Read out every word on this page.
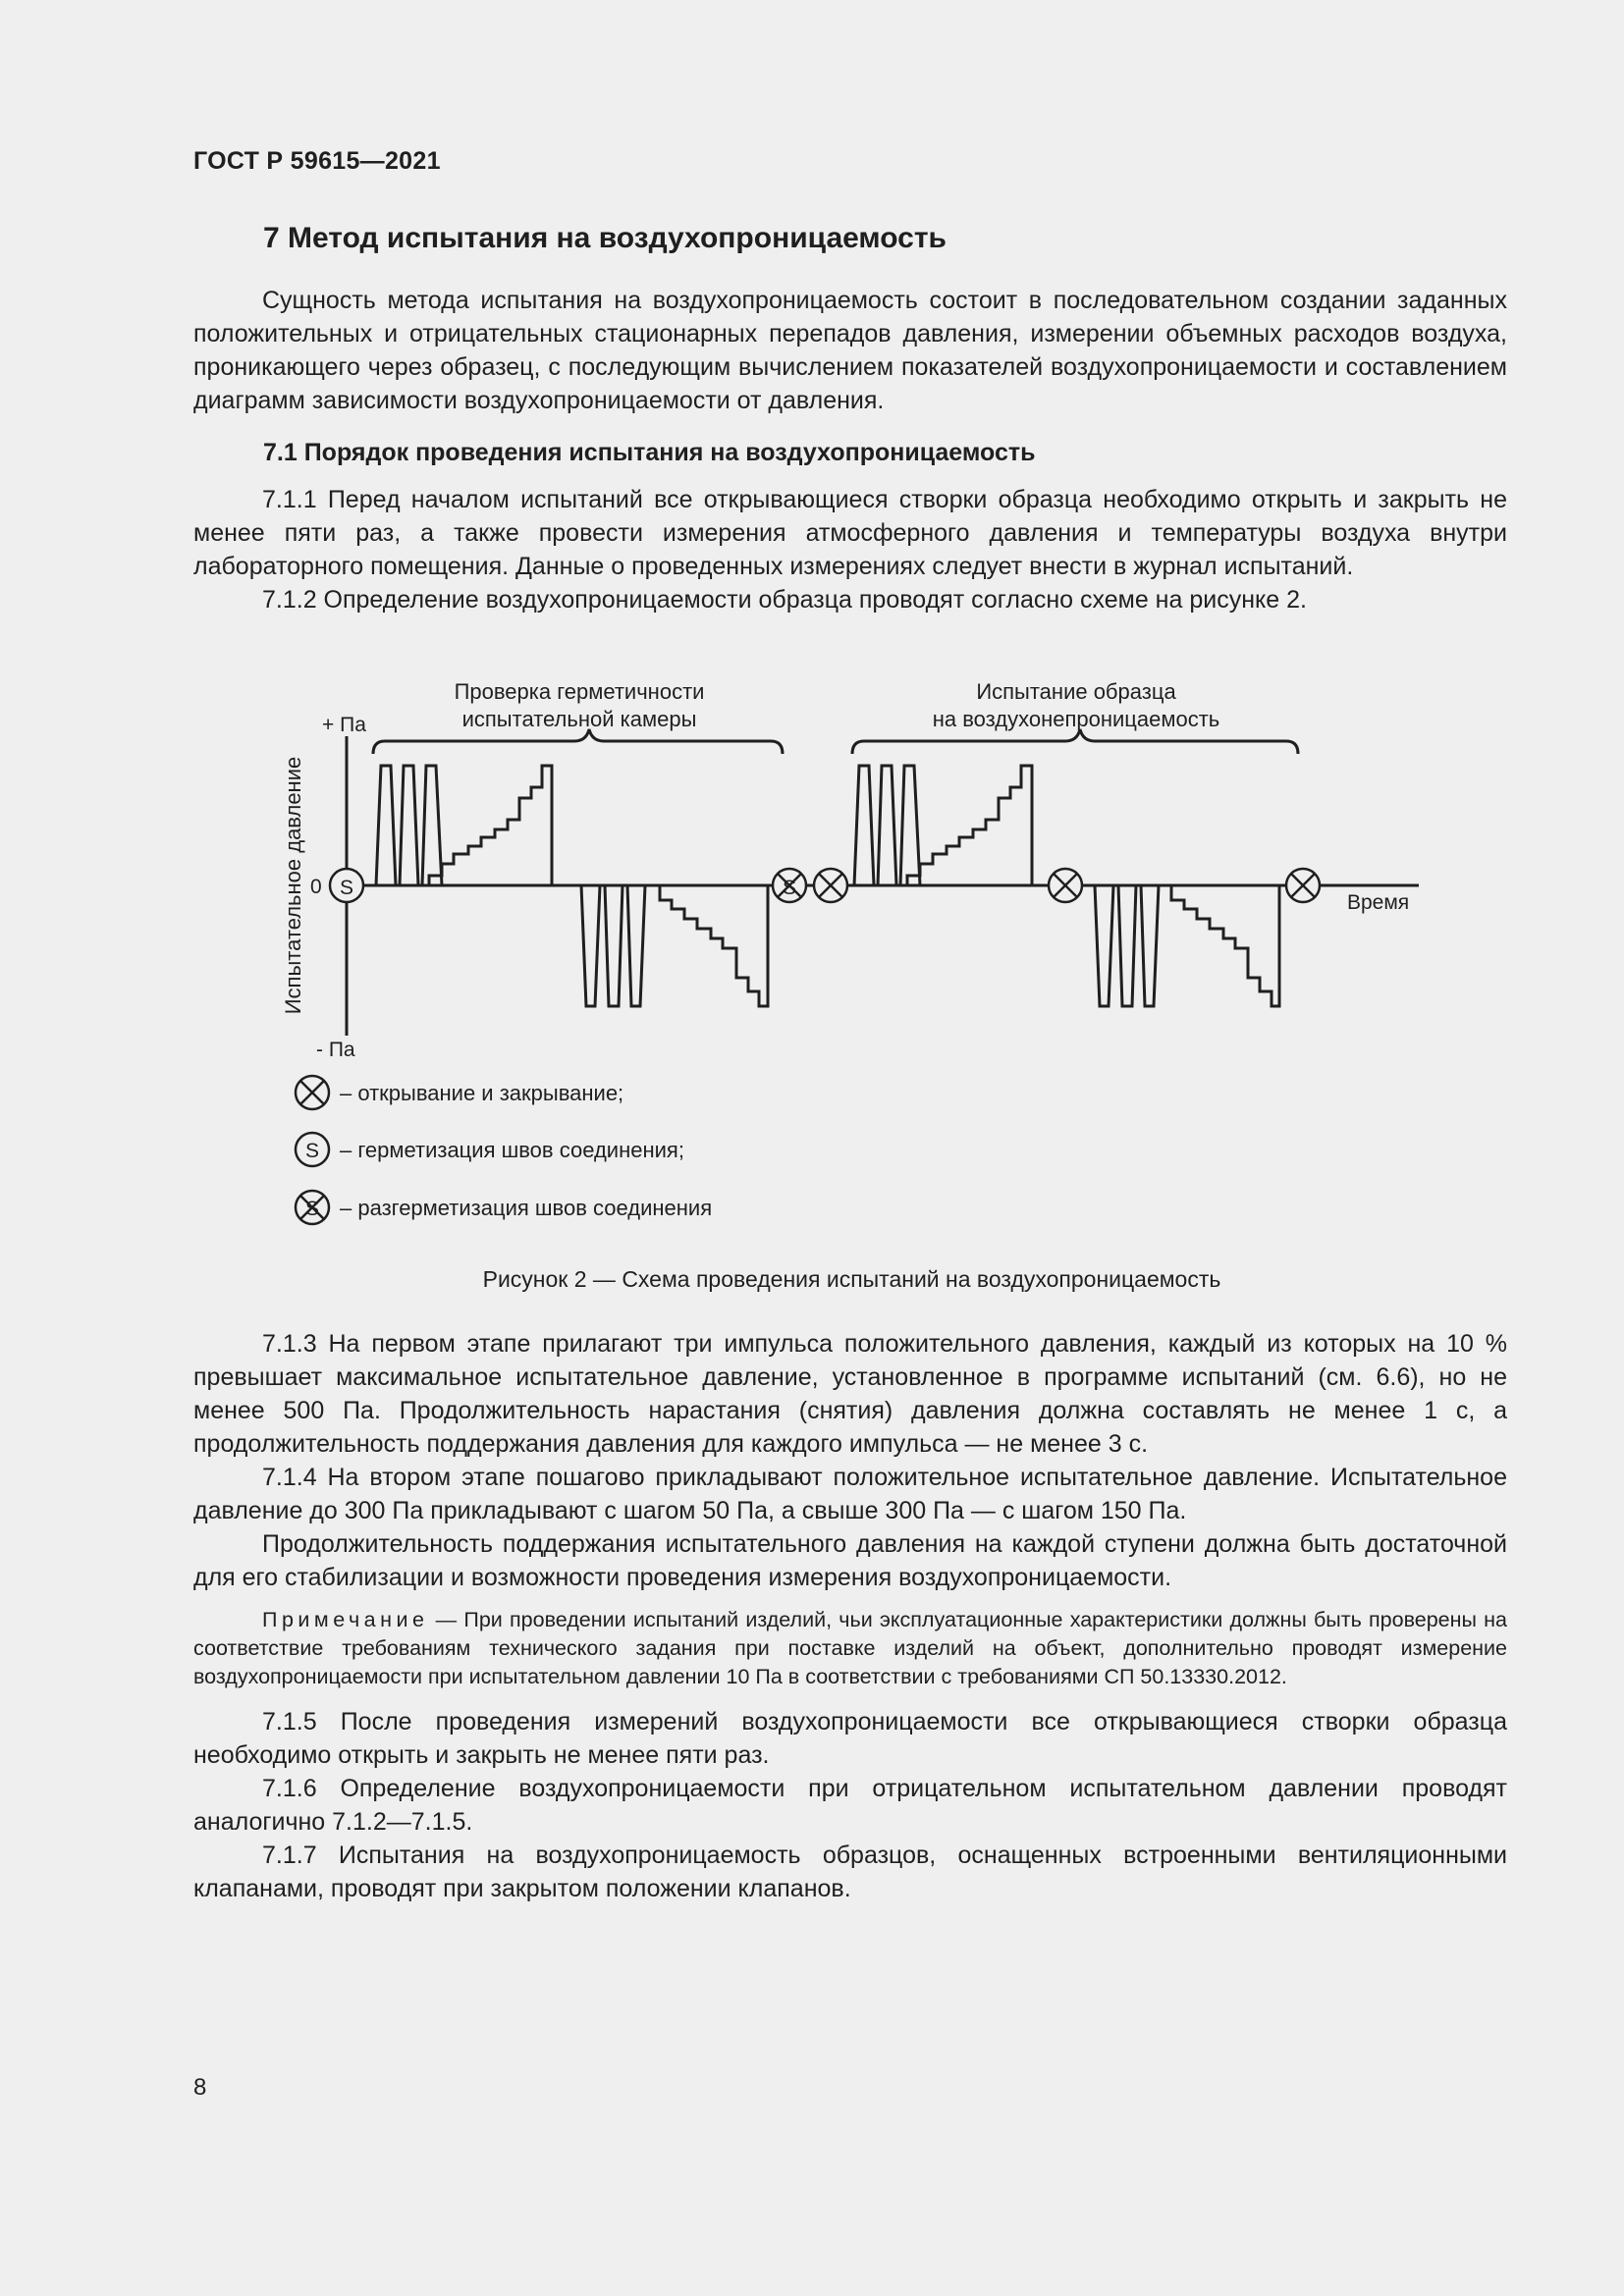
ГОСТ Р 59615—2021
7 Метод испытания на воздухопроницаемость

Сущность метода испытания на воздухопроницаемость состоит в последовательном создании заданных положительных и отрицательных стационарных перепадов давления, измерении объемных расходов воздуха, проникающего через образец, с последующим вычислением показателей воздухопроницаемости и составлением диаграмм зависимости воздухопроницаемости от давления.

7.1 Порядок проведения испытания на воздухопроницаемость

7.1.1 Перед началом испытаний все открывающиеся створки образца необходимо открыть и закрыть не менее пяти раз, а также провести измерения атмосферного давления и температуры воздуха внутри лабораторного помещения. Данные о проведенных измерениях следует внести в журнал испытаний.

7.1.2 Определение воздухопроницаемости образца проводят согласно схеме на рисунке 2.

S	S
Испытательное давление
+ Па
0
- Па
Время
Проверка герметичности
испытательной камеры
Испытание образца
на воздухонепроницаемость
S
S
– открывание и закрывание;
– герметизация швов соединения;
– разгерметизация швов соединения
Рисунок 2 — Схема проведения испытаний на воздухопроницаемость

7.1.3 На первом этапе прилагают три импульса положительного давления, каждый из которых на 10 % превышает максимальное испытательное давление, установленное в программе испытаний (см. 6.6), но не менее 500 Па. Продолжительность нарастания (снятия) давления должна составлять не менее 1 с, а продолжительность поддержания давления для каждого импульса — не менее 3 с.

7.1.4 На втором этапе пошагово прикладывают положительное испытательное давление. Испытательное давление до 300 Па прикладывают с шагом 50 Па, а свыше 300 Па — с шагом 150 Па.

Продолжительность поддержания испытательного давления на каждой ступени должна быть достаточной для его стабилизации и возможности проведения измерения воздухопроницаемости.

Примечание — При проведении испытаний изделий, чьи эксплуатационные характеристики должны быть проверены на соответствие требованиям технического задания при поставке изделий на объект, дополнительно проводят измерение воздухопроницаемости при испытательном давлении 10 Па в соответствии с требованиями СП 50.13330.2012.

7.1.5 После проведения измерений воздухопроницаемости все открывающиеся створки образца необходимо открыть и закрыть не менее пяти раз.

7.1.6 Определение воздухопроницаемости при отрицательном испытательном давлении проводят аналогично 7.1.2—7.1.5.

7.1.7 Испытания на воздухопроницаемость образцов, оснащенных встроенными вентиляционными клапанами, проводят при закрытом положении клапанов.

8
